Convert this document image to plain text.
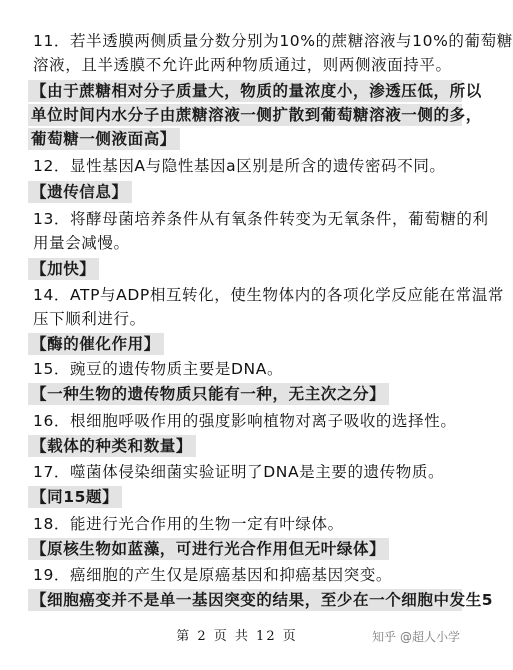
11．若半透膜两侧质量分数分别为10%的蔗糖溶液与10%的葡萄糖
溶液，且半透膜不允许此两种物质通过，则两侧液面持平。
【由于蔗糖相对分子质量大，物质的量浓度小，渗透压低，所以
单位时间内水分子由蔗糖溶液一侧扩散到葡萄糖溶液一侧的多，
葡萄糖一侧液面高】
12．显性基因A与隐性基因a区别是所含的遗传密码不同。
【遗传信息】
13．将酵母菌培养条件从有氧条件转变为无氧条件，葡萄糖的利
用量会减慢。
【加快】
14．ATP与ADP相互转化，使生物体内的各项化学反应能在常温常
压下顺利进行。
【酶的催化作用】
15．豌豆的遗传物质主要是DNA。
【一种生物的遗传物质只能有一种，无主次之分】
16．根细胞呼吸作用的强度影响植物对离子吸收的选择性。
【载体的种类和数量】
17．噬菌体侵染细菌实验证明了DNA是主要的遗传物质。
【同15题】
18．能进行光合作用的生物一定有叶绿体。
【原核生物如蓝藻，可进行光合作用但无叶绿体】
19．癌细胞的产生仅是原癌基因和抑癌基因突变。
【细胞癌变并不是单一基因突变的结果，至少在一个细胞中发生5
第 2 页 共 12 页	知乎 @超人小学
